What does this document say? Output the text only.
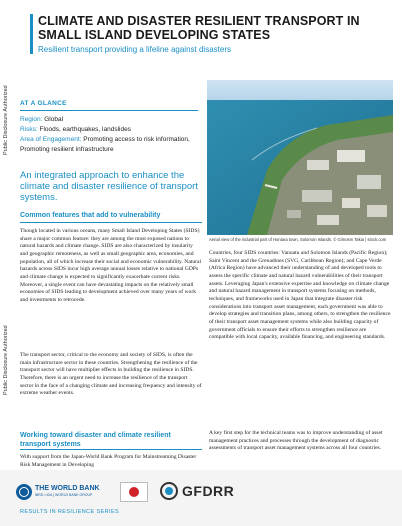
Public Disclosure Authorized
Public Disclosure Authorized
CLIMATE AND DISASTER RESILIENT TRANSPORT IN SMALL ISLAND DEVELOPING STATES
Resilient transport providing a lifeline against disasters
AT A GLANCE
Region: Global
Risks: Floods, earthquakes, landslides
Area of Engagement: Promoting access to risk information, Promoting resilient infrastructure
An integrated approach to enhance the climate and disaster resilience of transport systems.
Common features that add to vulnerability
Though located in various oceans, many Small Island Developing States (SIDS) share a major common feature: they are among the most exposed nations to natural hazards and climate change. SIDS are also characterized by insularity and geographic remoteness, as well as small geographic area, economies, and population, all of which increase their social and economic vulnerability. Natural hazards across SIDS incur high average annual losses relative to national GDPs and climate change is expected to significantly exacerbate current risks. Moreover, a single event can have devastating impacts on the relatively small economies of SIDS leading to development achieved over many years of work and investments to retrocede.
The transport sector, critical to the economy and society of SIDS, is often the main infrastructure sector in these countries. Strengthening the resilience of the transport sector will have multiplier effects in building the resilience in SIDS. Therefore, there is an urgent need to increase the resilience of the transport sector in the face of a changing climate and increasing frequency and intensity of extreme weather events.
Working toward disaster and climate resilient transport systems
With support from the Japan-World Bank Program for Mainstreaming Disaster Risk Management in Developing
Aerial view of the industrial part of Honiara town, Solomon Islands. © Gimosm Takia | stock.com
Countries, four SIDS countries: Vanuatu and Solomon Islands (Pacific Region); Saint Vincent and the Grenadines (SVG, Caribbean Region); and Cape Verde (Africa Region) have advanced their understanding of and developed tools to assess the specific climate and natural hazard vulnerabilities of their transport assets. Leveraging Japan's extensive expertise and knowledge on climate change and natural hazard management in transport systems focusing on methods, techniques, and frameworks used in Japan that integrate disaster risk considerations into transport asset management, each government was able to develop strategies and transition plans, among others, to strengthen the resilience of their transport asset management systems while also building capacity of government officials to ensure their efforts to strengthen resilience are compatible with local capacity, available financing, and engineering standards.
A key first step for the technical teams was to improve understanding of asset management practices and processes through the development of diagnostic assessments of transport asset management systems across all four countries.
THE WORLD BANK
IBRD • IDA | WORLD BANK GROUP	GFDRR
RESULTS IN RESILIENCE SERIES
